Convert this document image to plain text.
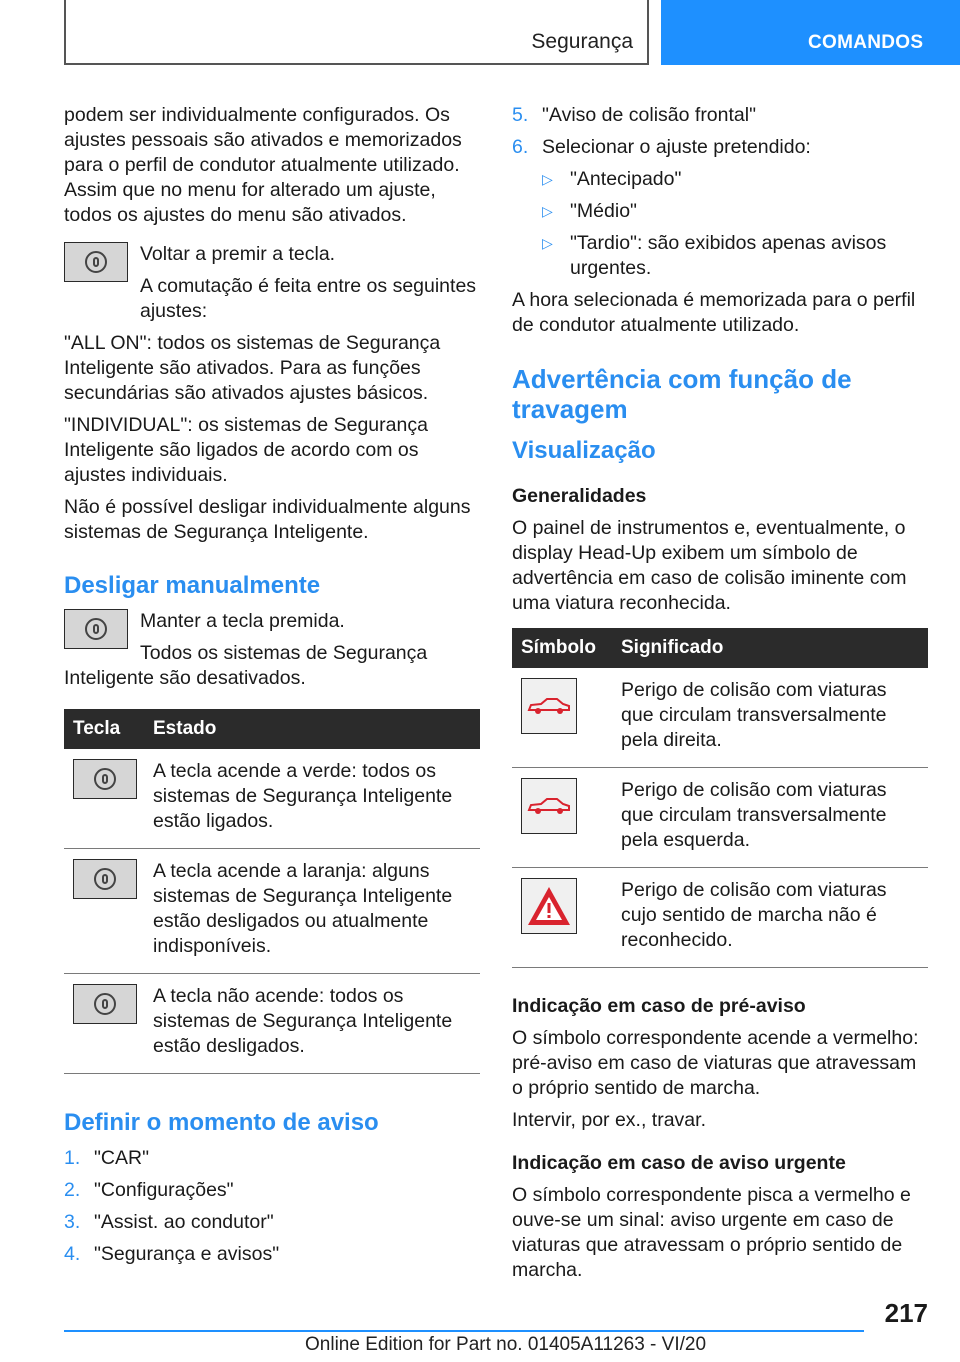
Segurança	COMANDOS

podem ser individualmente configurados. Os ajustes pessoais são ativados e memorizados para o perfil de condutor atualmente utilizado. Assim que no menu for alterado um ajuste, todos os ajustes do menu são ativados.

Voltar a premir a tecla.

A comutação é feita entre os seguintes ajustes:

"ALL ON": todos os sistemas de Segurança Inteligente são ativados. Para as funções secundárias são ativados ajustes básicos.

"INDIVIDUAL": os sistemas de Segurança Inteligente são ligados de acordo com os ajustes individuais.

Não é possível desligar individualmente alguns sistemas de Segurança Inteligente.

Desligar manualmente

Manter a tecla premida.

Todos os sistemas de Segurança Inteligente são desativados.

Tecla	Estado

	A tecla acende a verde: todos os sistemas de Segurança Inteligente estão ligados.

	A tecla acende a laranja: alguns sistemas de Segurança Inteligente estão desligados ou atualmente indisponíveis.

	A tecla não acende: todos os sistemas de Segurança Inteligente estão desligados.
Definir o momento de aviso
1. "CAR"
2. "Configurações"
3. "Assist. ao condutor"
4. "Segurança e avisos"
5. "Aviso de colisão frontal"
6. Selecionar o ajuste pretendido:
▷ "Antecipado"
▷ "Médio"
▷ "Tardio": são exibidos apenas avisos urgentes.

A hora selecionada é memorizada para o perfil de condutor atualmente utilizado.

Advertência com função de travagem
Visualização
Generalidades

O painel de instrumentos e, eventualmente, o display Head-Up exibem um símbolo de advertência em caso de colisão iminente com uma viatura reconhecida.

Símbolo	Significado

	Perigo de colisão com viaturas que circulam transversalmente pela direita.

	Perigo de colisão com viaturas que circulam transversalmente pela esquerda.

	Perigo de colisão com viaturas cujo sentido de marcha não é reconhecido.
Indicação em caso de pré-aviso

O símbolo correspondente acende a vermelho: pré-aviso em caso de viaturas que atravessam o próprio sentido de marcha.

Intervir, por ex., travar.

Indicação em caso de aviso urgente

O símbolo correspondente pisca a vermelho e ouve-se um sinal: aviso urgente em caso de viaturas que atravessam o próprio sentido de marcha.

217
Online Edition for Part no. 01405A11263 - VI/20
